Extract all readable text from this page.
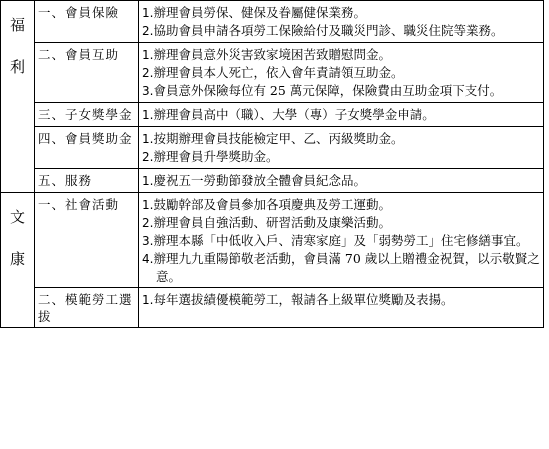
福
利	一、會員保險	1.辦理會員勞保、健保及眷屬健保業務。
2.協助會員申請各項勞工保險給付及職災門診、職災住院等業務。

	二、會員互助	1.辦理會員意外災害致家境困苦致贈慰問金。
2.辦理會員本人死亡，依入會年責請領互助金。
3.會員意外保險每位有 25 萬元保障，保險費由互助金項下支付。

	三、子女獎學金	1.辦理會員高中（職）、大學（專）子女獎學金申請。

	四、會員獎助金	1.按期辦理會員技能檢定甲、乙、丙級獎助金。
2.辦理會員升學獎助金。

	五、服務	1.慶祝五一勞動節發放全體會員紀念品。

文
康	一、社會活動	1.鼓勵幹部及會員參加各項慶典及勞工運動。
2.辦理會員自強活動、研習活動及康樂活動。
3.辦理本縣「中低收入戶、清寒家庭」及「弱勢勞工」住宅修繕事宜。
4.辦理九九重陽節敬老活動，會員滿 70 歲以上贈禮金祝賀，以示敬賢之意。

	二、模範勞工選拔	1.每年選拔績優模範勞工，報請各上級單位獎勵及表揚。
